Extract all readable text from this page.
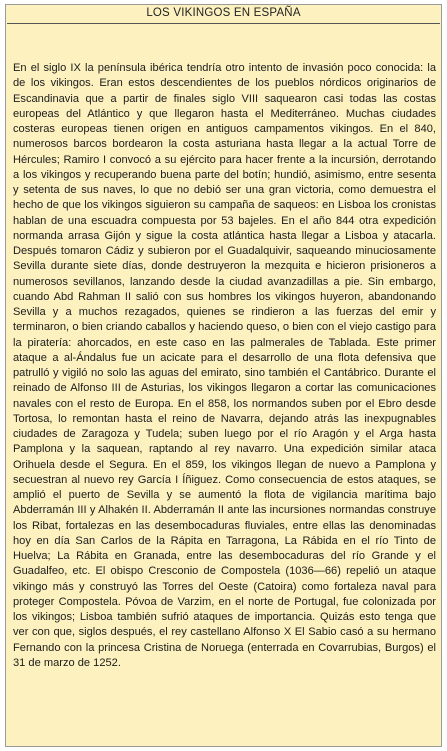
LOS VIKINGOS EN ESPAÑA

En el siglo IX la península ibérica tendría otro intento de invasión poco conocida: la de los vikingos. Eran estos descendientes de los pueblos nórdicos originarios de Escandinavia que a partir de finales siglo VIII saquearon casi todas las costas europeas del Atlántico y que llegaron hasta el Mediterráneo. Muchas ciudades costeras europeas tienen origen en antiguos campamentos vikingos. En el 840, numerosos barcos bordearon la costa asturiana hasta llegar a la actual Torre de Hércules; Ramiro I convocó a su ejército para hacer frente a la incursión, derrotando a los vikingos y recuperando buena parte del botín; hundió, asimismo, entre sesenta y setenta de sus naves, lo que no debió ser una gran victoria, como demuestra el hecho de que los vikingos siguieron su campaña de saqueos: en Lisboa los cronistas hablan de una escuadra compuesta por 53 bajeles. En el año 844 otra expedición normanda arrasa Gijón y sigue la costa atlántica hasta llegar a Lisboa y atacarla. Después tomaron Cádiz y subieron por el Guadalquivir, saqueando minuciosamente Sevilla durante siete días, donde destruyeron la mezquita e hicieron prisioneros a numerosos sevillanos, lanzando desde la ciudad avanzadillas a pie. Sin embargo, cuando Abd Rahman II salió con sus hombres los vikingos huyeron, abandonando Sevilla y a muchos rezagados, quienes se rindieron a las fuerzas del emir y terminaron, o bien criando caballos y haciendo queso, o bien con el viejo castigo para la piratería: ahorcados, en este caso en las palmerales de Tablada. Este primer ataque a al-Ándalus fue un acicate para el desarrollo de una flota defensiva que patrulló y vigiló no solo las aguas del emirato, sino también el Cantábrico. Durante el reinado de Alfonso III de Asturias, los vikingos llegaron a cortar las comunicaciones navales con el resto de Europa. En el 858, los normandos suben por el Ebro desde Tortosa, lo remontan hasta el reino de Navarra, dejando atrás las inexpugnables ciudades de Zaragoza y Tudela; suben luego por el río Aragón y el Arga hasta Pamplona y la saquean, raptando al rey navarro. Una expedición similar ataca Orihuela desde el Segura. En el 859, los vikingos llegan de nuevo a Pamplona y secuestran al nuevo rey García I Íñiguez. Como consecuencia de estos ataques, se amplió el puerto de Sevilla y se aumentó la flota de vigilancia marítima bajo Abderramán III y Alhakén II. Abderramán II ante las incursiones normandas construye los Ribat, fortalezas en las desembocaduras fluviales, entre ellas las denominadas hoy en día San Carlos de la Rápita en Tarragona, La Rábida en el río Tinto de Huelva; La Rábita en Granada, entre las desembocaduras del río Grande y el Guadalfeo, etc. El obispo Cresconio de Compostela (1036—66) repelió un ataque vikingo más y construyó las Torres del Oeste (Catoira) como fortaleza naval para proteger Compostela. Póvoa de Varzim, en el norte de Portugal, fue colonizada por los vikingos; Lisboa también sufrió ataques de importancia. Quizás esto tenga que ver con que, siglos después, el rey castellano Alfonso X El Sabio casó a su hermano Fernando con la princesa Cristina de Noruega (enterrada en Covarrubias, Burgos) el 31 de marzo de 1252.
